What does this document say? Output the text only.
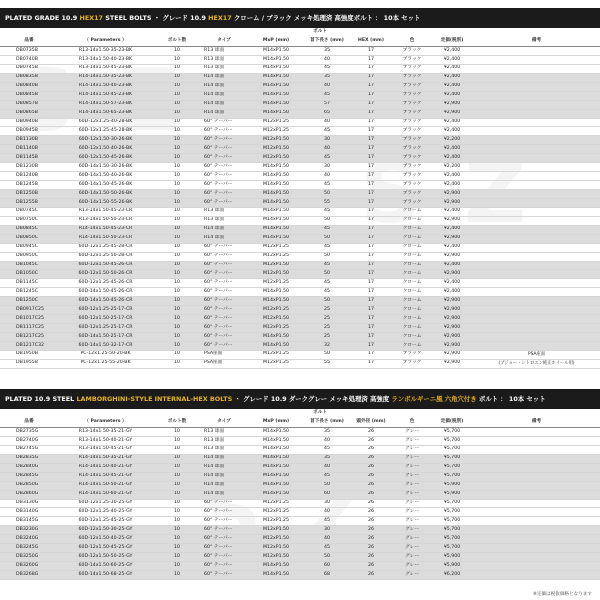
PLATED GRADE 10.9 HEX17 STEEL BOLTS ・ グレード 10.9 HEX17 クローム / ブラック メッキ処理済 高強度ボルト ： 10本 セット
				ボルト					
品番	（ Parameters ）	ボルト数	タイプ	MxP (mm)	首下長さ (mm)	HEX (mm)	色	定価(税別)	備考
DB0735B	R13-14x1.50-35-23-BK	10	R13 球面	M14xP1.50	35	17	ブラック	¥2,400	
DB0740B	R13-14x1.50-40-23-BK	10	R13 球面	M14xP1.50	40	17	ブラック	¥2,400	
DB0745B	R13-14x1.50-45-23-BK	10	R13 球面	M14xP1.50	45	17	ブラック	¥2,400	
DB0835B	R14-14x1.50-35-23-BK	10	R14 球面	M14xP1.50	35	17	ブラック	¥2,400	
DB0840B	R14-14x1.50-40-23-BK	10	R14 球面	M14xP1.50	40	17	ブラック	¥2,400	
DB0845B	R14-14x1.50-45-23-BK	10	R14 球面	M14xP1.50	45	17	ブラック	¥2,400	
DB0857B	R14-14x1.50-57-23-BK	10	R14 球面	M14xP1.50	57	17	ブラック	¥2,900	
DB0865B	R14-14x1.50-65-23-BK	10	R14 球面	M14xP1.50	65	17	ブラック	¥2,900	
DB0940B	60D-12x1.25-40-28-BK	10	60° テーパー	M12xP1.25	40	17	ブラック	¥2,400	
DB0945B	60D-12x1.25-45-28-BK	10	60° テーパー	M12xP1.25	45	17	ブラック	¥2,400	
DB1130B	60D-12x1.50-30-26-BK	10	60° テーパー	M12xP1.50	30	17	ブラック	¥2,200	
DB1140B	60D-12x1.50-40-26-BK	10	60° テーパー	M12xP1.50	40	17	ブラック	¥2,400	
DB1145B	60D-12x1.50-45-26-BK	10	60° テーパー	M12xP1.50	45	17	ブラック	¥2,400	
DB1230B	60D-14x1.50-30-26-BK	10	60° テーパー	M14xP1.50	30	17	ブラック	¥2,200	
DB1240B	60D-14x1.50-40-26-BK	10	60° テーパー	M14xP1.50	40	17	ブラック	¥2,400	
DB1245B	60D-14x1.50-45-26-BK	10	60° テーパー	M14xP1.50	45	17	ブラック	¥2,400	
DB1250B	60D-14x1.50-50-26-BK	10	60° テーパー	M14xP1.50	50	17	ブラック	¥2,900	
DB1255B	60D-14x1.50-55-26-BK	10	60° テーパー	M14xP1.50	55	17	ブラック	¥2,900	
DB0745C	R13-14x1.50-45-23-CR	10	R13 球面	M14xP1.50	45	17	クローム	¥2,400	
DB0750C	R13-14x1.50-50-23-CR	10	R13 球面	M14xP1.50	50	17	クローム	¥2,900	
DB0845C	R14-14x1.50-45-23-CR	10	R14 球面	M14xP1.50	45	17	クローム	¥2,400	
DB0850C	R14-14x1.50-50-23-CR	10	R14 球面	M14xP1.50	50	17	クローム	¥2,900	
DB0945C	60D-12x1.25-45-28-CR	10	60° テーパー	M12xP1.25	45	17	クローム	¥2,400	
DB0950C	60D-12x1.25-50-28-CR	10	60° テーパー	M12xP1.25	50	17	クローム	¥2,900	
DB1045C	60D-12x1.50-45-26-CR	10	60° テーパー	M12xP1.50	45	17	クローム	¥2,400	
DB1050C	60D-12x1.50-50-26-CR	10	60° テーパー	M12xP1.50	50	17	クローム	¥2,900	
DB1145C	60D-12x1.25-45-26-CR	10	60° テーパー	M12xP1.25	45	17	クローム	¥2,400	
DB1245C	60D-14x1.50-45-26-CR	10	60° テーパー	M14xP1.50	45	17	クローム	¥2,400	
DB1250C	60D-14x1.50-45-26-CR	10	60° テーパー	M14xP1.50	50	17	クローム	¥2,900	
DB0917C25	60D-12x1.25-25-17-CR	10	60° テーパー	M12xP1.25	25	17	クローム	¥2,900	
DB1017C25	60D-12x1.50-25-17-CR	10	60° テーパー	M12xP1.50	25	17	クローム	¥2,900	
DB1117C25	60D-12x1.25-25-17-CR	10	60° テーパー	M12xP1.25	25	17	クローム	¥2,900	
DB1217C25	60D-14x1.50-25-17-CR	10	60° テーパー	M14xP1.50	25	17	クローム	¥2,900	
DB1217C32	60D-14x1.50-32-17-CR	10	60° テーパー	M14xP1.50	32	17	クローム	¥2,900	
DB1950B	PC-12x1.25-50-20-BK	10	PSA座面	M12xP1.25	50	17	ブラック	¥2,900	PSA座面
DB1955B	PC-12x1.25-55-20-BK	10	PSA座面	M12xP1.25	55	17	ブラック	¥2,900	(プジョー・シトロエン純正ホイール用)
PLATED 10.9 STEEL LAMBORGHINI-STYLE INTERNAL-HEX BOLTS ・ グレード 10.9 ダークグレー メッキ処理済 高強度 ランボルギーニ風 六角穴付き ボルト ： 10本 セット
				ボルト					
品番	（ Parameters ）	ボルト数	タイプ	MxP (mm)	首下長さ (mm)	頭外径 (mm)	色	定価(税別)	備考
DB2735G	R13-14x1.50-35-21-GY	10	R13 球面	M14xP1.50	35	26	グレー	¥5,700	
DB2740G	R13-14x1.50-40-21-GY	10	R13 球面	M14xP1.50	40	26	グレー	¥5,700	
DB2745G	R13-14x1.50-45-21-GY	10	R13 球面	M14xP1.50	45	26	グレー	¥5,700	
DB2835G	R14-14x1.50-35-21-GY	10	R14 球面	M14xP1.50	35	26	グレー	¥5,700	
DB2840G	R14-14x1.50-40-21-GY	10	R14 球面	M14xP1.50	40	26	グレー	¥5,700	
DB2845G	R14-14x1.50-45-21-GY	10	R14 球面	M14xP1.50	45	26	グレー	¥5,700	
DB2850G	R14-14x1.50-50-21-GY	10	R14 球面	M14xP1.50	50	26	グレー	¥5,900	
DB2860G	R14-14x1.50-60-21-GY	10	R14 球面	M14xP1.50	60	26	グレー	¥5,900	
DB3130G	60D-12x1.25-30-25-GY	10	60° テーパー	M12xP1.25	30	26	グレー	¥5,700	
DB3140G	60D-12x1.25-40-25-GY	10	60° テーパー	M12xP1.25	40	26	グレー	¥5,700	
DB3145G	60D-12x1.25-45-25-GY	10	60° テーパー	M12xP1.25	45	26	グレー	¥5,700	
DB3230G	60D-12x1.50-30-25-GY	10	60° テーパー	M12xP1.50	30	26	グレー	¥5,700	
DB3240G	60D-12x1.50-40-25-GY	10	60° テーパー	M12xP1.50	40	26	グレー	¥5,700	
DB3245G	60D-12x1.50-45-25-GY	10	60° テーパー	M12xP1.50	45	26	グレー	¥5,700	
DB3250G	60D-12x1.50-50-25-GY	10	60° テーパー	M12xP1.50	50	26	グレー	¥5,900	
DB3260G	60D-14x1.50-60-25-GY	10	60° テーパー	M14xP1.50	60	26	グレー	¥5,900	
DB3268G	60D-14x1.50-68-25-GY	10	60° テーパー	M14xP1.50	68	26	グレー	¥6,200	
※定価は税抜価格となります
